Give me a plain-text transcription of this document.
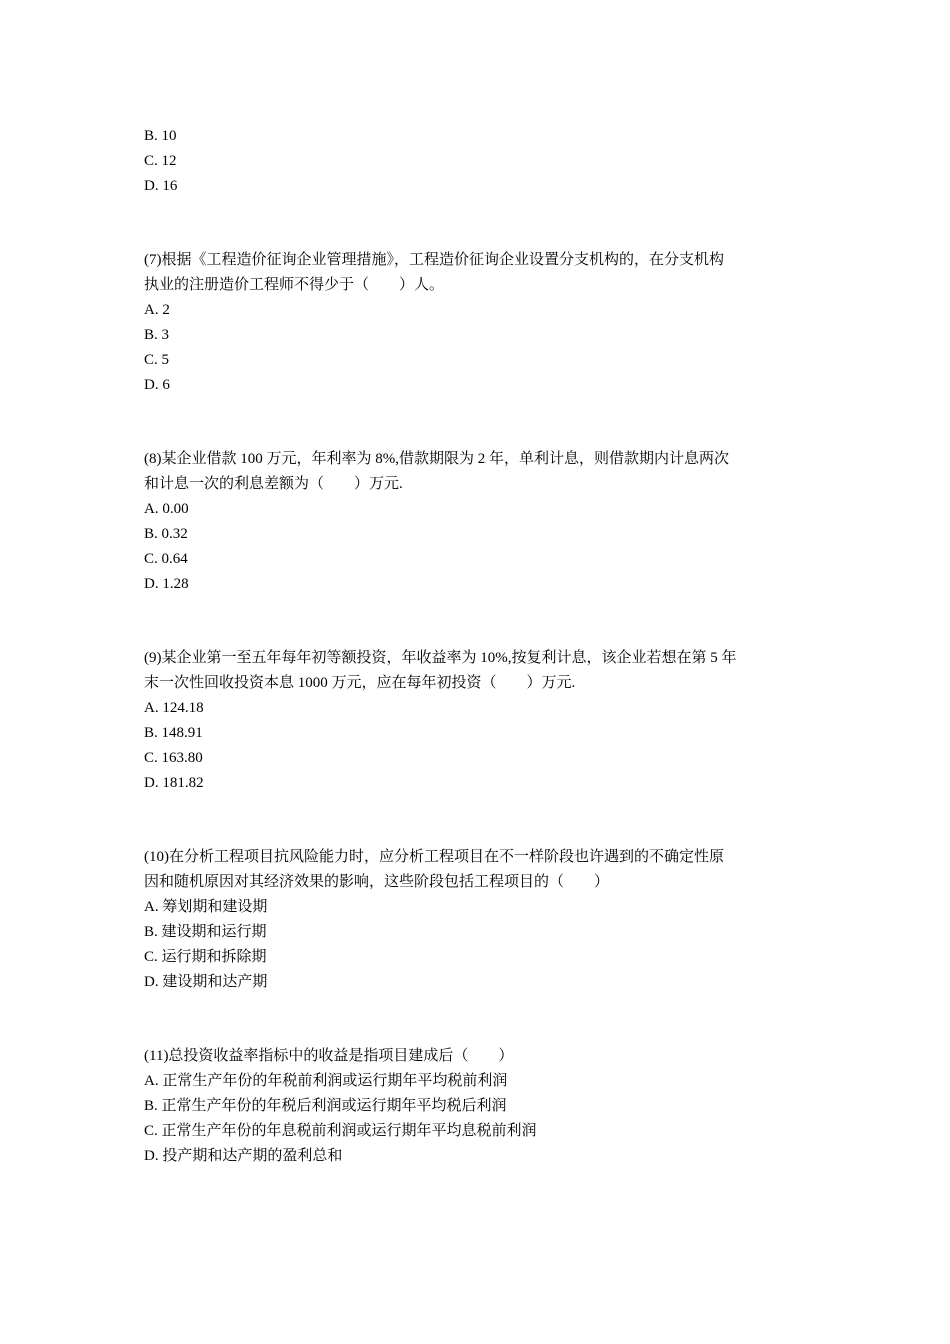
B. 10
C. 12
D. 16
(7)根据《工程造价征询企业管理措施》，工程造价征询企业设置分支机构的，在分支机构
执业的注册造价工程师不得少于（　　）人。
A. 2
B. 3
C. 5
D. 6
(8)某企业借款 100 万元，年利率为 8%,借款期限为 2 年，单利计息，则借款期内计息两次
和计息一次的利息差额为（　　）万元.
A. 0.00
B. 0.32
C. 0.64
D. 1.28
(9)某企业第一至五年每年初等额投资，年收益率为 10%,按复利计息，该企业若想在第 5 年
末一次性回收投资本息 1000 万元，应在每年初投资（　　）万元.
A. 124.18
B. 148.91
C. 163.80
D. 181.82
(10)在分析工程项目抗风险能力时，应分析工程项目在不一样阶段也许遇到的不确定性原
因和随机原因对其经济效果的影响，这些阶段包括工程项目的（　　）
A. 筹划期和建设期
B. 建设期和运行期
C. 运行期和拆除期
D. 建设期和达产期
(11)总投资收益率指标中的收益是指项目建成后（　　）
A. 正常生产年份的年税前利润或运行期年平均税前利润
B. 正常生产年份的年税后利润或运行期年平均税后利润
C. 正常生产年份的年息税前利润或运行期年平均息税前利润
D. 投产期和达产期的盈利总和
